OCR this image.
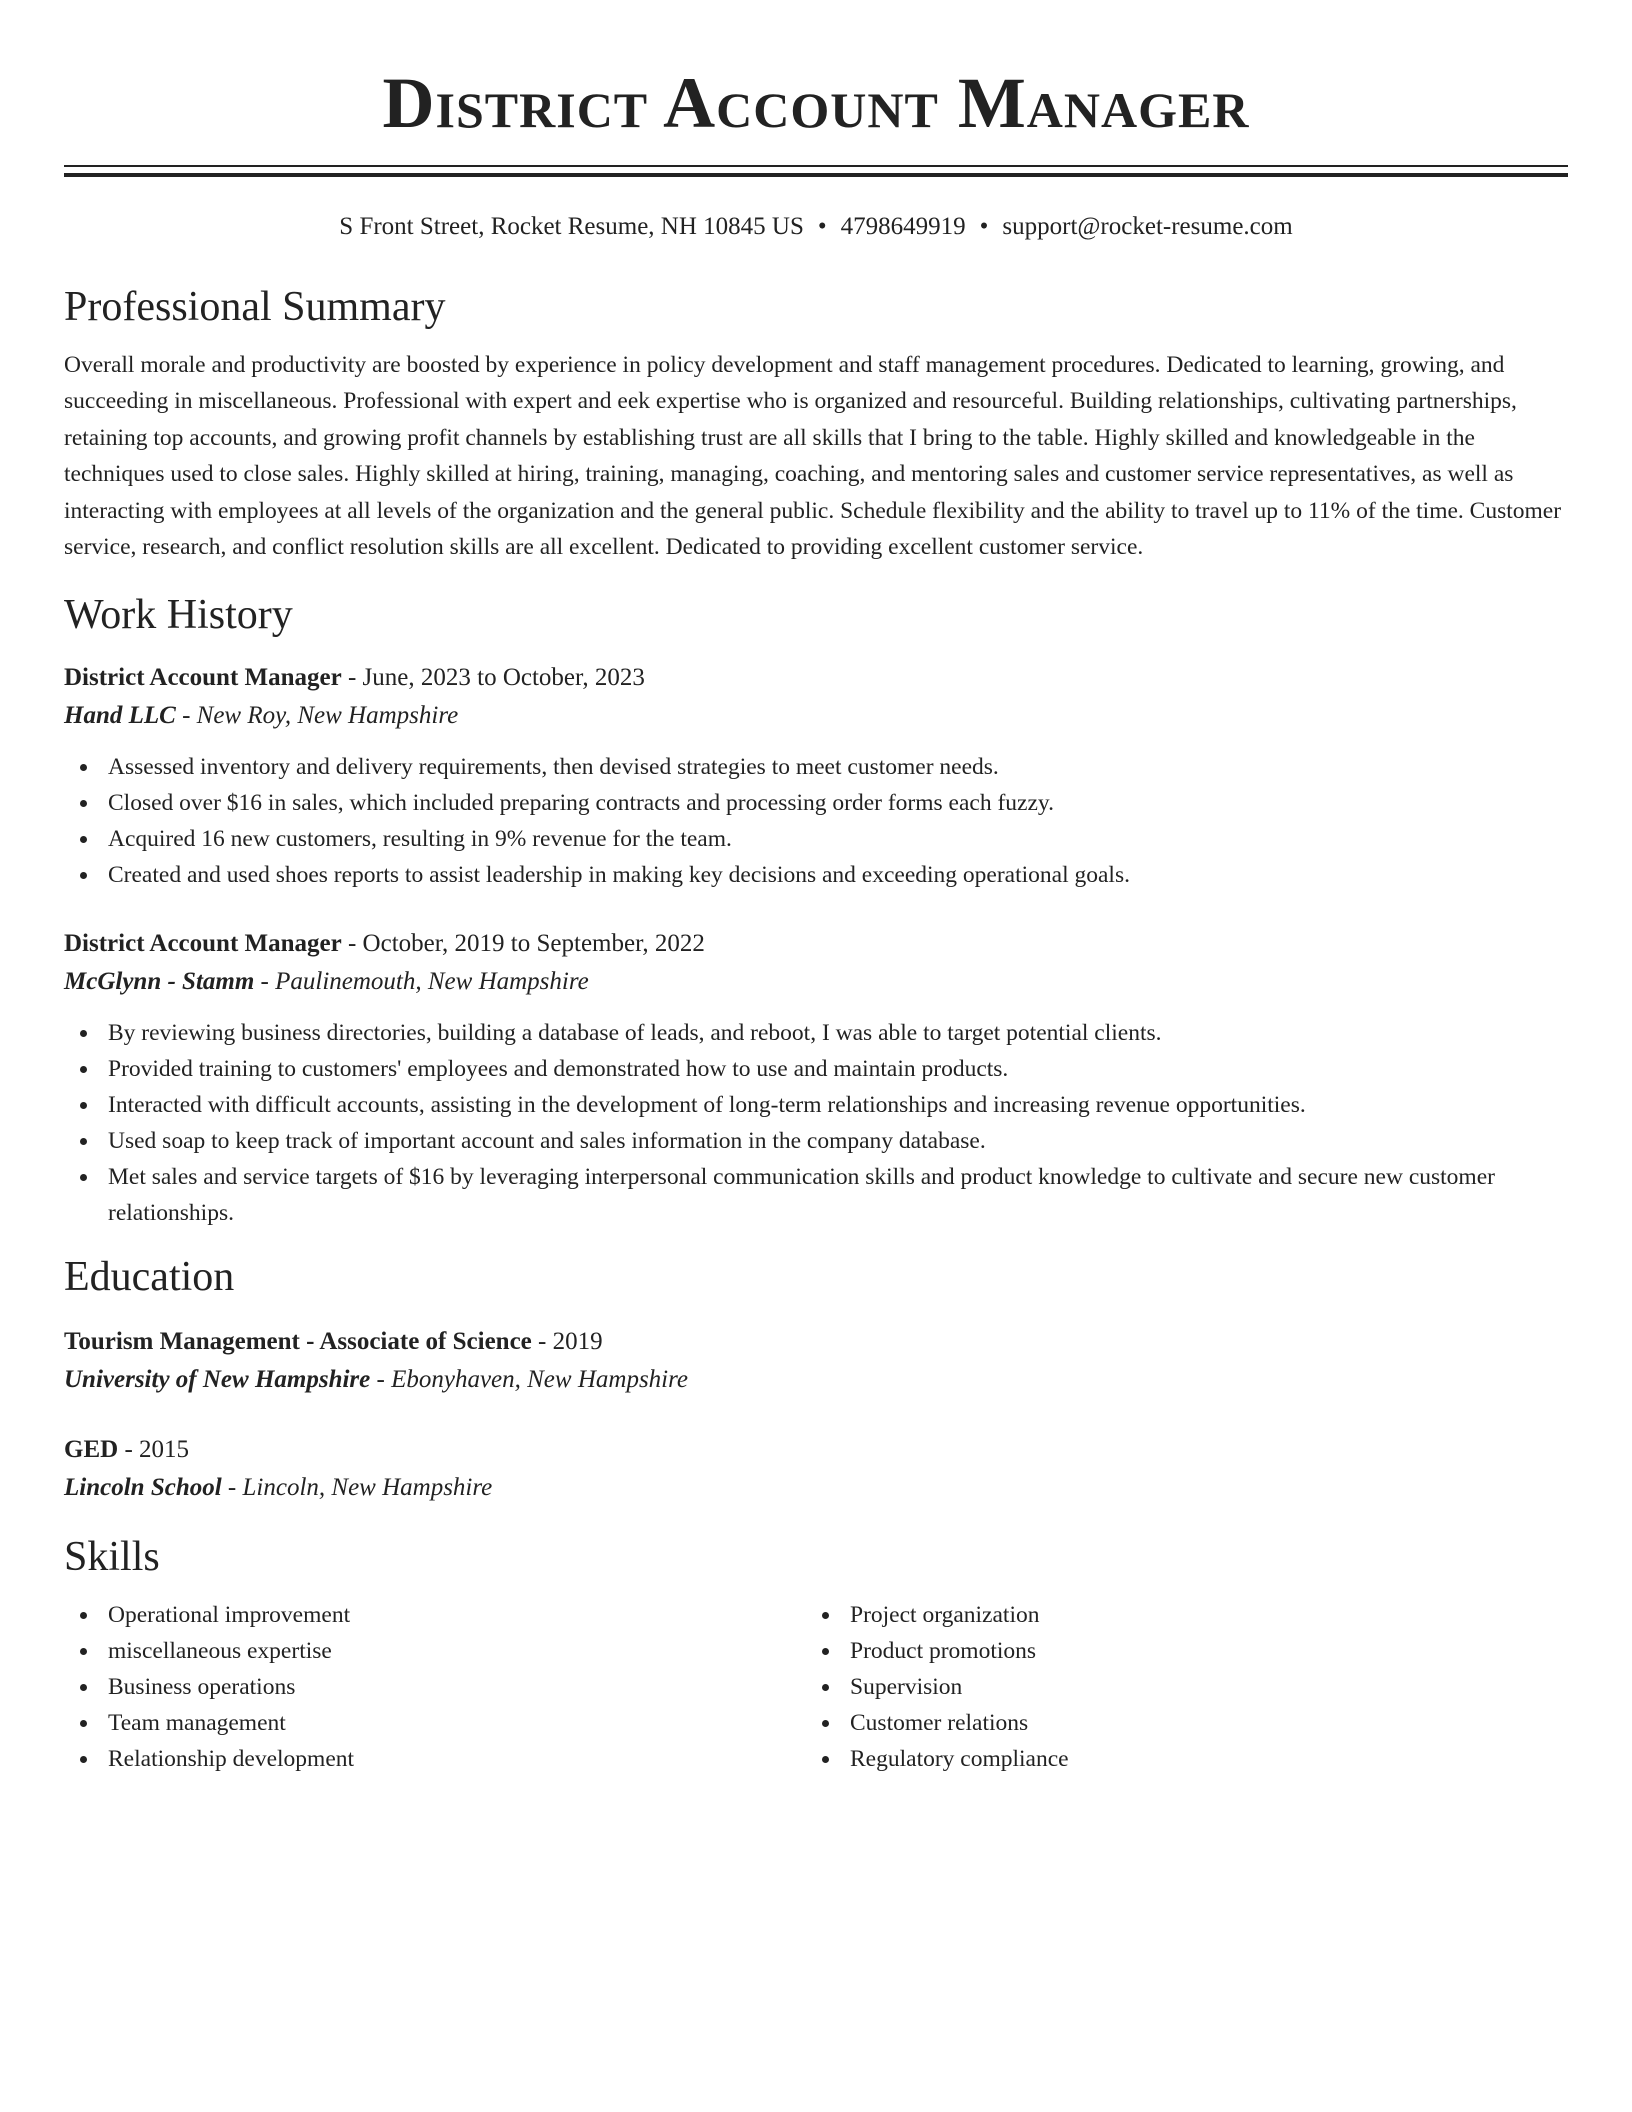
District Account Manager
S Front Street, Rocket Resume, NH 10845 US • 4798649919 • support@rocket-resume.com
Professional Summary
Overall morale and productivity are boosted by experience in policy development and staff management procedures. Dedicated to learning, growing, and succeeding in miscellaneous. Professional with expert and eek expertise who is organized and resourceful. Building relationships, cultivating partnerships, retaining top accounts, and growing profit channels by establishing trust are all skills that I bring to the table. Highly skilled and knowledgeable in the techniques used to close sales. Highly skilled at hiring, training, managing, coaching, and mentoring sales and customer service representatives, as well as interacting with employees at all levels of the organization and the general public. Schedule flexibility and the ability to travel up to 11% of the time. Customer service, research, and conflict resolution skills are all excellent. Dedicated to providing excellent customer service.
Work History
District Account Manager - June, 2023 to October, 2023
Hand LLC - New Roy, New Hampshire
Assessed inventory and delivery requirements, then devised strategies to meet customer needs.
Closed over $16 in sales, which included preparing contracts and processing order forms each fuzzy.
Acquired 16 new customers, resulting in 9% revenue for the team.
Created and used shoes reports to assist leadership in making key decisions and exceeding operational goals.
District Account Manager - October, 2019 to September, 2022
McGlynn - Stamm - Paulinemouth, New Hampshire
By reviewing business directories, building a database of leads, and reboot, I was able to target potential clients.
Provided training to customers' employees and demonstrated how to use and maintain products.
Interacted with difficult accounts, assisting in the development of long-term relationships and increasing revenue opportunities.
Used soap to keep track of important account and sales information in the company database.
Met sales and service targets of $16 by leveraging interpersonal communication skills and product knowledge to cultivate and secure new customer relationships.
Education
Tourism Management - Associate of Science - 2019
University of New Hampshire - Ebonyhaven, New Hampshire
GED - 2015
Lincoln School - Lincoln, New Hampshire
Skills
Operational improvement
miscellaneous expertise
Business operations
Team management
Relationship development
Project organization
Product promotions
Supervision
Customer relations
Regulatory compliance
